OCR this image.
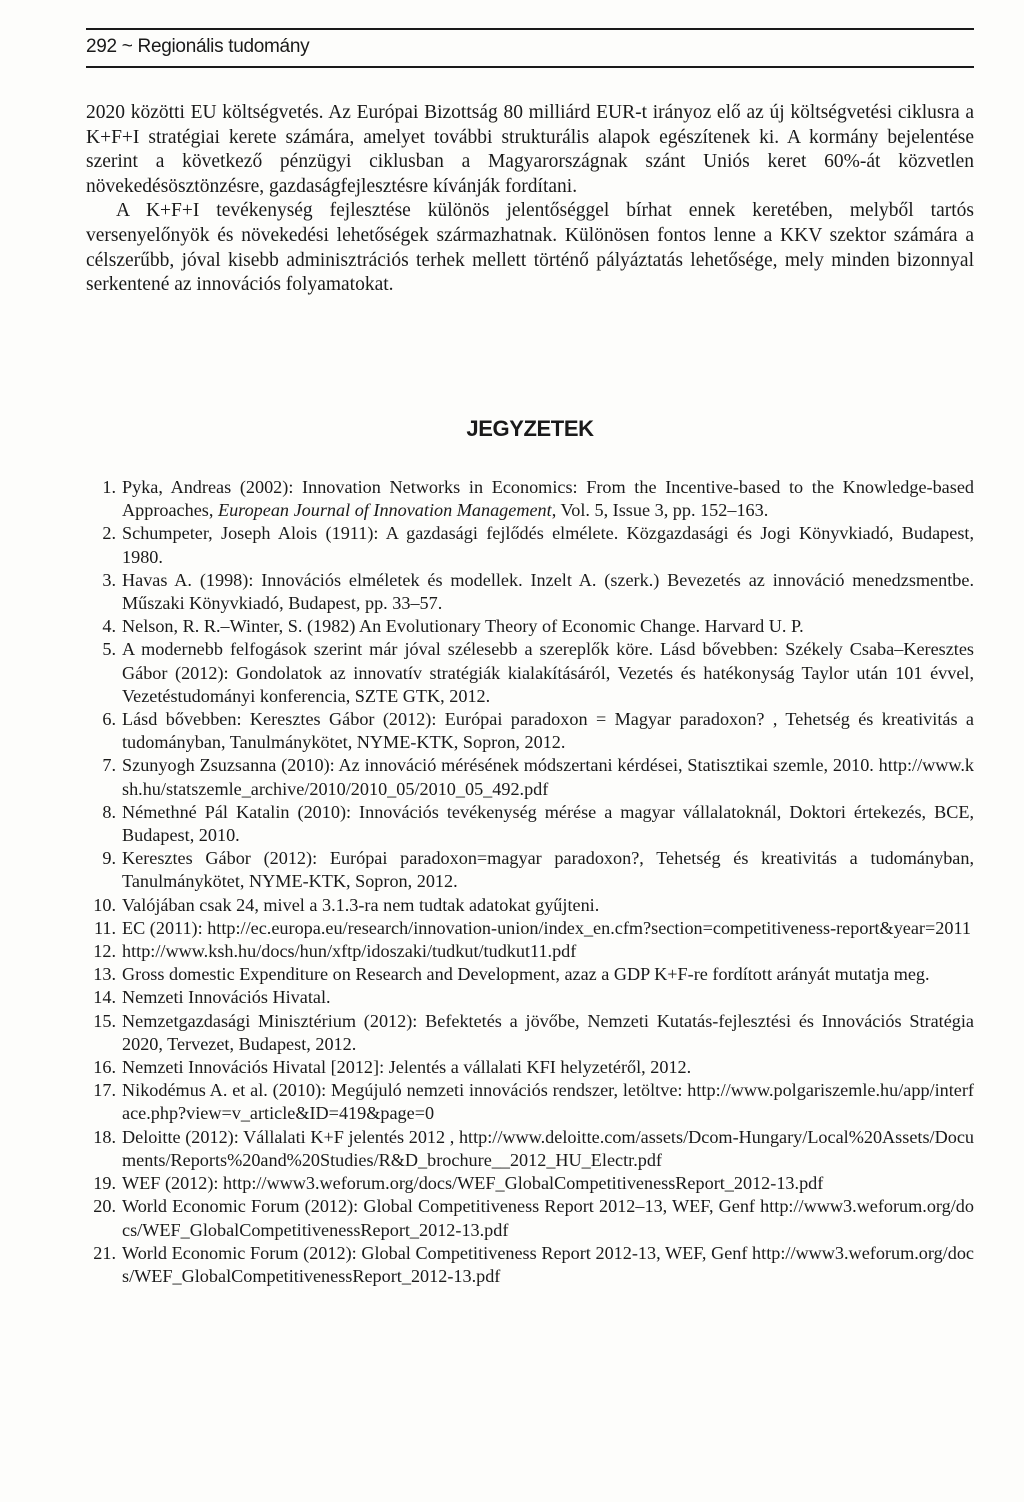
292 ~ Regionális tudomány

2020 közötti EU költségvetés. Az Európai Bizottság 80 milliárd EUR-t irányoz elő az új költségvetési ciklusra a K+F+I stratégiai kerete számára, amelyet további strukturális alapok egészítenek ki. A kormány bejelentése szerint a következő pénzügyi ciklusban a Magyarországnak szánt Uniós keret 60%-át közvetlen növekedésösztönzésre, gazdaságfejlesztésre kívánják fordítani.

A K+F+I tevékenység fejlesztése különös jelentőséggel bírhat ennek keretében, melyből tartós versenyelőnyök és növekedési lehetőségek származhatnak. Különösen fontos lenne a KKV szektor számára a célszerűbb, jóval kisebb adminisztrációs terhek mellett történő pályáztatás lehetősége, mely minden bizonnyal serkentené az innovációs folyamatokat.

JEGYZETEK
1. Pyka, Andreas (2002): Innovation Networks in Economics: From the Incentive-based to the Knowledge-based Approaches, European Journal of Innovation Management, Vol. 5, Issue 3, pp. 152–163.
2. Schumpeter, Joseph Alois (1911): A gazdasági fejlődés elmélete. Közgazdasági és Jogi Könyvkiadó, Budapest, 1980.
3. Havas A. (1998): Innovációs elméletek és modellek. Inzelt A. (szerk.) Bevezetés az innováció menedzsmentbe. Műszaki Könyvkiadó, Budapest, pp. 33–57.
4. Nelson, R. R.–Winter, S. (1982) An Evolutionary Theory of Economic Change. Harvard U. P.
5. A modernebb felfogások szerint már jóval szélesebb a szereplők köre. Lásd bővebben: Székely Csaba–Keresztes Gábor (2012): Gondolatok az innovatív stratégiák kialakításáról, Vezetés és hatékonyság Taylor után 101 évvel, Vezetéstudományi konferencia, SZTE GTK, 2012.
6. Lásd bővebben: Keresztes Gábor (2012): Európai paradoxon = Magyar paradoxon? , Tehetség és kreativitás a tudományban, Tanulmánykötet, NYME-KTK, Sopron, 2012.
7. Szunyogh Zsuzsanna (2010): Az innováció mérésének módszertani kérdései, Statisztikai szemle, 2010. http://www.ksh.hu/statszemle_archive/2010/2010_05/2010_05_492.pdf
8. Némethné Pál Katalin (2010): Innovációs tevékenység mérése a magyar vállalatoknál, Doktori értekezés, BCE, Budapest, 2010.
9. Keresztes Gábor (2012): Európai paradoxon=magyar paradoxon?, Tehetség és kreativitás a tudományban, Tanulmánykötet, NYME-KTK, Sopron, 2012.
10. Valójában csak 24, mivel a 3.1.3-ra nem tudtak adatokat gyűjteni.
11. EC (2011): http://ec.europa.eu/research/innovation-union/index_en.cfm?section=competitiveness-report&year=2011
12. http://www.ksh.hu/docs/hun/xftp/idoszaki/tudkut/tudkut11.pdf
13. Gross domestic Expenditure on Research and Development, azaz a GDP K+F-re fordított arányát mutatja meg.
14. Nemzeti Innovációs Hivatal.
15. Nemzetgazdasági Minisztérium (2012): Befektetés a jövőbe, Nemzeti Kutatás-fejlesztési és Innovációs Stratégia 2020, Tervezet, Budapest, 2012.
16. Nemzeti Innovációs Hivatal [2012]: Jelentés a vállalati KFI helyzetéről, 2012.
17. Nikodémus A. et al. (2010): Megújuló nemzeti innovációs rendszer, letöltve: http://www.polgariszemle.hu/app/interface.php?view=v_article&ID=419&page=0
18. Deloitte (2012): Vállalati K+F jelentés 2012 , http://www.deloitte.com/assets/Dcom-Hungary/Local%20Assets/Documents/Reports%20and%20Studies/R&D_brochure__2012_HU_Electr.pdf
19. WEF (2012): http://www3.weforum.org/docs/WEF_GlobalCompetitivenessReport_2012-13.pdf
20. World Economic Forum (2012): Global Competitiveness Report 2012–13, WEF, Genf http://www3.weforum.org/docs/WEF_GlobalCompetitivenessReport_2012-13.pdf
21. World Economic Forum (2012): Global Competitiveness Report 2012-13, WEF, Genf http://www3.weforum.org/docs/WEF_GlobalCompetitivenessReport_2012-13.pdf
